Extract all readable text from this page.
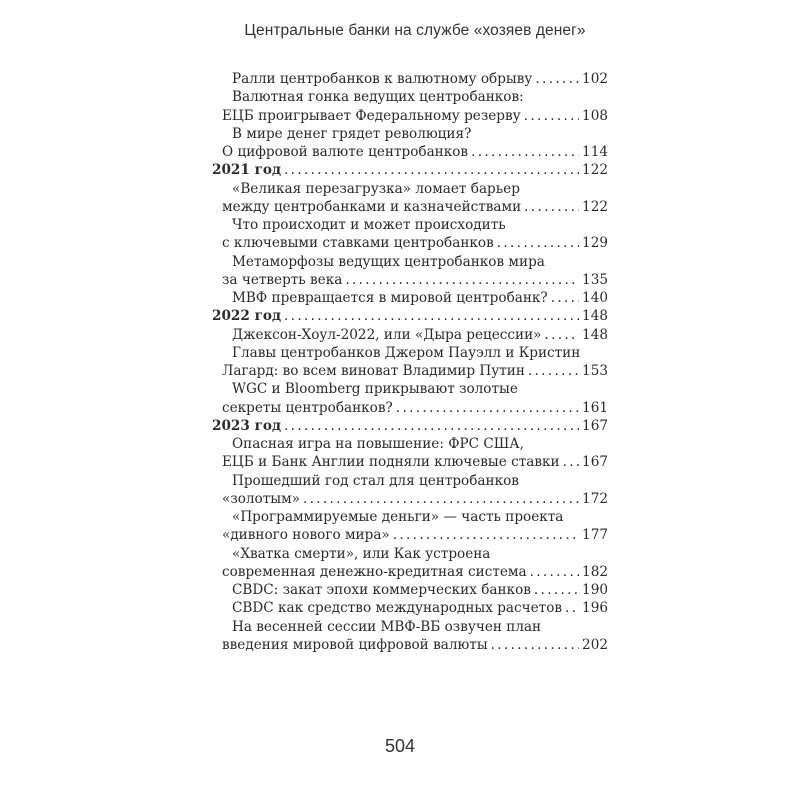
Центральные банки на службе «хозяев денег»
Ралли центробанков к валютному обрыву . . .	102
Валютная гонка ведущих центробанков:
ЕЦБ проигрывает Федеральному резерву . . .	108
В мире денег грядет революция?
О цифровой валюте центробанков . . .	114
2021 год . . .	122
«Великая перезагрузка» ломает барьер
между центробанками и казначействами . . .	122
Что происходит и может происходить
с ключевыми ставками центробанков . . .	129
Метаморфозы ведущих центробанков мира
за четверть века . . .	135
МВФ превращается в мировой центробанк? . . .	140
2022 год . . .	148
Джексон-Хоул-2022, или «Дыра рецессии» . . .	148
Главы центробанков Джером Пауэлл и Кристин
Лагард: во всем виноват Владимир Путин . . .	153
WGC и Bloomberg прикрывают золотые
секреты центробанков? . . .	161
2023 год . . .	167
Опасная игра на повышение: ФРС США,
ЕЦБ и Банк Англии подняли ключевые ставки . . . 167
Прошедший год стал для центробанков
«золотым» . . .	172
«Программируемые деньги» — часть проекта
«дивного нового мира» . . .	177
«Хватка смерти», или Как устроена
современная денежно-кредитная система . . .	182
CBDC: закат эпохи коммерческих банков . . .	190
CBDC как средство международных расчетов . . . 196
На весенней сессии МВФ-ВБ озвучен план
введения мировой цифровой валюты . . .	202
504
